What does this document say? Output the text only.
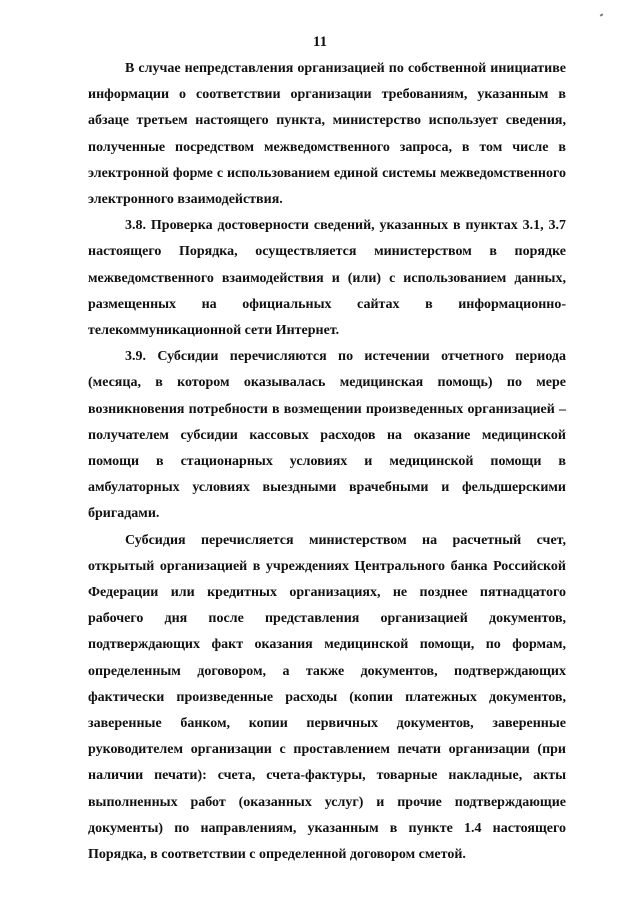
11

В случае непредставления организацией по собственной инициативе информации о соответствии организации требованиям, указанным в абзаце третьем настоящего пункта, министерство использует сведения, полученные посредством межведомственного запроса, в том числе в электронной форме с использованием единой системы межведомственного электронного взаимодействия.

3.8. Проверка достоверности сведений, указанных в пунктах 3.1, 3.7 настоящего Порядка, осуществляется министерством в порядке межведомственного взаимодействия и (или) с использованием данных, размещенных на официальных сайтах в информационно-телекоммуникационной сети Интернет.

3.9. Субсидии перечисляются по истечении отчетного периода (месяца, в котором оказывалась медицинская помощь) по мере возникновения потребности в возмещении произведенных организацией – получателем субсидии кассовых расходов на оказание медицинской помощи в стационарных условиях и медицинской помощи в амбулаторных условиях выездными врачебными и фельдшерскими бригадами.

Субсидия перечисляется министерством на расчетный счет, открытый организацией в учреждениях Центрального банка Российской Федерации или кредитных организациях, не позднее пятнадцатого рабочего дня после представления организацией документов, подтверждающих факт оказания медицинской помощи, по формам, определенным договором, а также документов, подтверждающих фактически произведенные расходы (копии платежных документов, заверенные банком, копии первичных документов, заверенные руководителем организации с проставлением печати организации (при наличии печати): счета, счета-фактуры, товарные накладные, акты выполненных работ (оказанных услуг) и прочие подтверждающие документы) по направлениям, указанным в пункте 1.4 настоящего Порядка, в соответствии с определенной договором сметой.
